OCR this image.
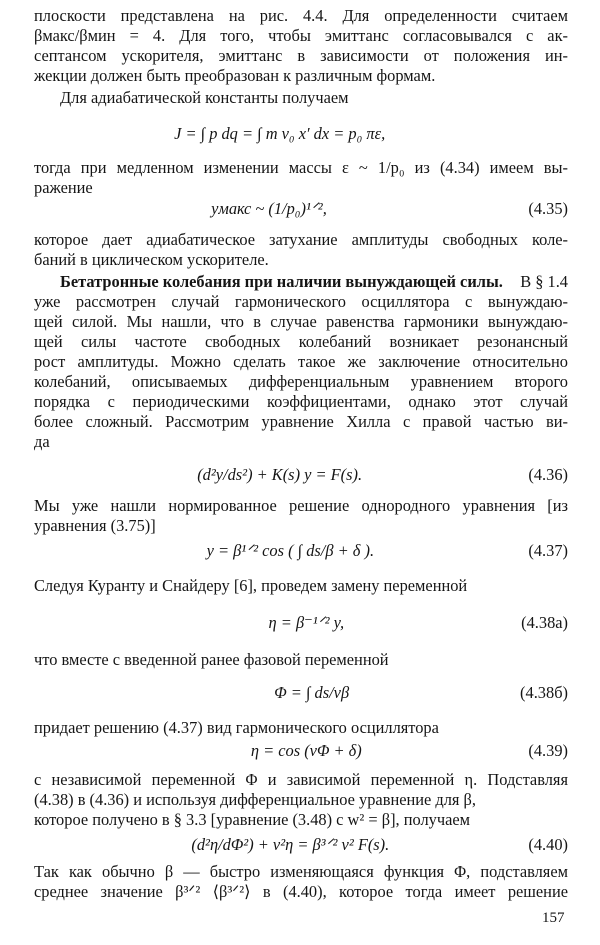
плоскости представлена на рис. 4.4. Для определенности считаем
βмакс/βмин = 4. Для того, чтобы эмиттанс согласовывался с ак-
септансом ускорителя, эмиттанс в зависимости от положения ин-
жекции должен быть преобразован к различным формам.
Для адиабатической константы получаем
J = ∫ p dq = ∫ m v₀ x′ dx = p₀ πε,
тогда при медленном изменении массы ε ~ 1/p₀ из (4.34) имеем вы-
ражение
yмакс ~ (1/p₀)¹ᐟ²,	(4.35)
которое дает адиабатическое затухание амплитуды свободных коле-
баний в циклическом ускорителе.
Бетатронные колебания при наличии вынуждающей силы. В § 1.4
уже рассмотрен случай гармонического осциллятора с вынуждаю-
щей силой. Мы нашли, что в случае равенства гармоники вынуждаю-
щей силы частоте свободных колебаний возникает резонансный
рост амплитуды. Можно сделать такое же заключение относительно
колебаний, описываемых дифференциальным уравнением второго
порядка с периодическими коэффициентами, однако этот случай
более сложный. Рассмотрим уравнение Хилла с правой частью ви-
да
(d²y/ds²) + K(s) y = F(s).	(4.36)
Мы уже нашли нормированное решение однородного уравнения [из
уравнения (3.75)]
y = β¹ᐟ² cos ( ∫ ds/β + δ ).	(4.37)
Следуя Куранту и Снайдеру [6], проведем замену переменной
η = β⁻¹ᐟ² y,	(4.38а)
что вместе с введенной ранее фазовой переменной
Φ = ∫ ds/νβ	(4.38б)
придает решению (4.37) вид гармонического осциллятора
η = cos (νΦ + δ)	(4.39)
с независимой переменной Φ и зависимой переменной η. Подставляя
(4.38) в (4.36) и используя дифференциальное уравнение для β,
которое получено в § 3.3 [уравнение (3.48) с w² = β], получаем
(d²η/dΦ²) + ν²η = β³ᐟ² ν² F(s).	(4.40)
Так как обычно β — быстро изменяющаяся функция Φ, подставляем
среднее значение β³ᐟ² ⟨β³ᐟ²⟩ в (4.40), которое тогда имеет решение
157
